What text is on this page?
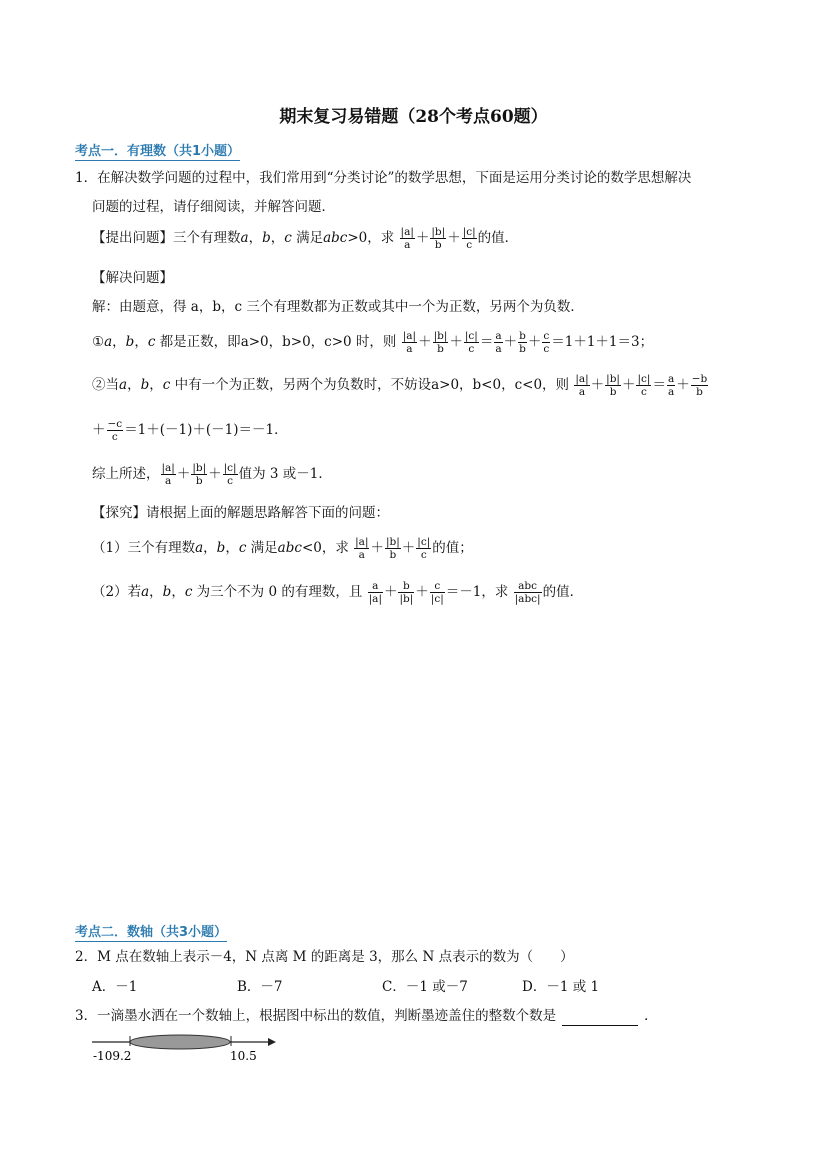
期末复习易错题（28个考点60题）
考点一．有理数（共1小题）
1．在解决数学问题的过程中，我们常用到“分类讨论”的数学思想，下面是运用分类讨论的数学思想解决
问题的过程，请仔细阅读，并解答问题．
【提出问题】三个有理数a，b，c 满足abc>0，求 $\frac{|a|}{a} + \frac{|b|}{b} + \frac{|c|}{c}$ 的值．
【解决问题】
解：由题意，得 a，b，c 三个有理数都为正数或其中一个为正数，另两个为负数．
①a，b，c 都是正数，即a>0，b>0，c>0 时，则 $\frac{|a|}{a} + \frac{|b|}{b} + \frac{|c|}{c} = \frac{a}{a} + \frac{b}{b} + \frac{c}{c} =1+1+1=3$；
②当a，b，c 中有一个为正数，另两个为负数时，不妨设a>0，b<0，c<0，则 $\frac{|a|}{a} + \frac{|b|}{b} + \frac{|c|}{c} = \frac{a}{a} + \frac{-b}{b}$
＋ $\frac{-c}{c} =1+(-1)+(-1)=-1$．
综上所述， $\frac{|a|}{a} + \frac{|b|}{b} + \frac{|c|}{c}$ 值为 3 或－1．
【探究】请根据上面的解题思路解答下面的问题：
（1）三个有理数a，b，c 满足abc<0，求 $\frac{|a|}{a} + \frac{|b|}{b} + \frac{|c|}{c}$ 的值；
（2）若a，b，c 为三个不为 0 的有理数，且 $\frac{a}{|a|} + \frac{b}{|b|} + \frac{c}{|c|} =-1$，求 $\frac{\text{abc}}{\text{|abc|}}$ 的值．
考点二．数轴（共3小题）
2．M 点在数轴上表示－4，N 点离 M 的距离是 3，那么 N 点表示的数为（　　）
A．－1	B．－7	C．－1 或－7	D．－1 或 1
3．一滴墨水洒在一个数轴上，根据图中标出的数值，判断墨迹盖住的整数个数是	．
-109.2	10.5
